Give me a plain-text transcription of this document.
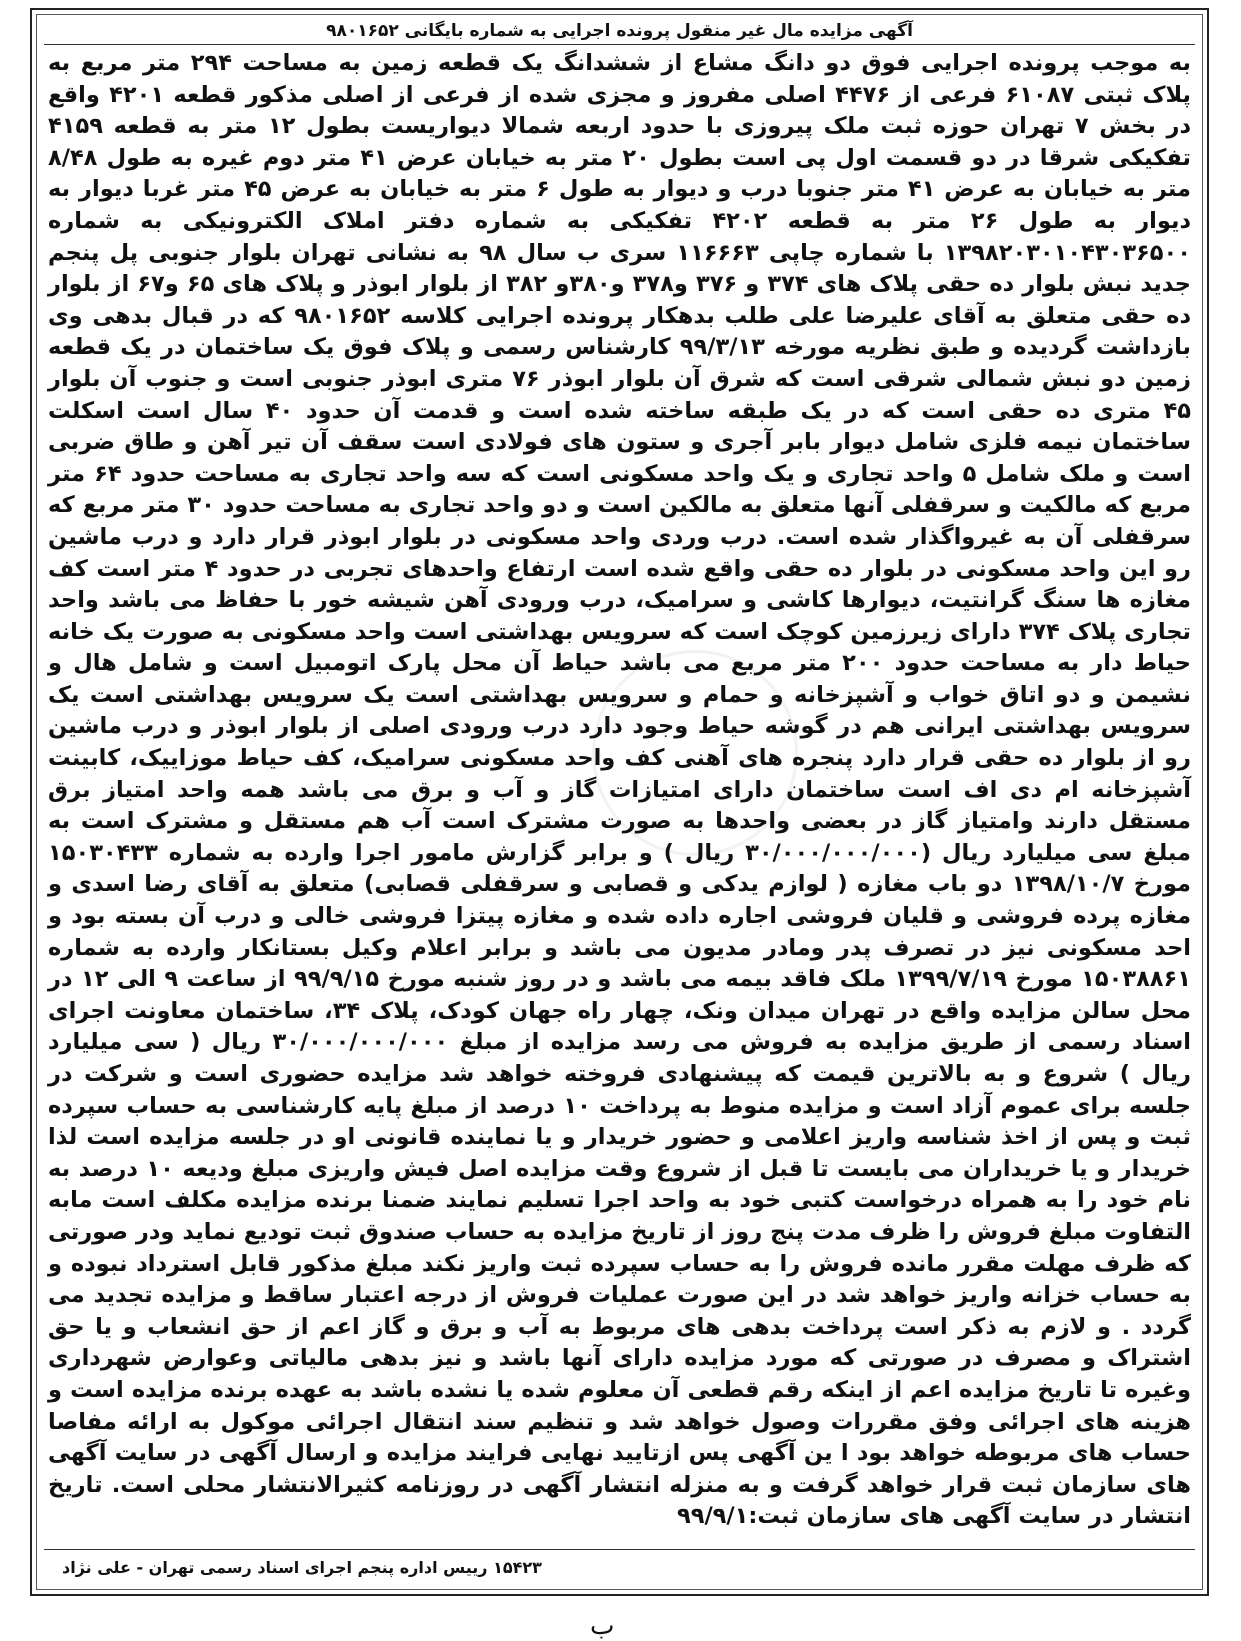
آگهی مزایده مال غیر منقول پرونده اجرایی به شماره بایگانی ۹۸۰۱۶۵۲
به موجب پرونده اجرایی فوق دو دانگ مشاع از ششدانگ یک قطعه زمین به مساحت ۲۹۴ متر مربع به پلاک ثبتی ۶۱۰۸۷ فرعی از ۴۴۷۶ اصلی مفروز و مجزی شده از فرعی از اصلی مذکور قطعه ۴۲۰۱ واقع در بخش ۷ تهران حوزه ثبت ملک پیروزی با حدود اربعه شمالا دیواریست بطول ۱۲ متر به قطعه ۴۱۵۹ تفکیکی شرقا در دو قسمت اول پی است بطول ۲۰ متر به خیابان عرض ۴۱ متر دوم غیره به طول ۸/۴۸ متر به خیابان به عرض ۴۱ متر جنوبا درب و دیوار به طول ۶ متر به خیابان به عرض ۴۵ متر غربا دیوار به دیوار به طول ۲۶ متر به قطعه ۴۲۰۲ تفکیکی به شماره دفتر املاک الکترونیکی به شماره ۱۳۹۸۲۰۳۰۱۰۴۳۰۳۶۵۰۰ با شماره چاپی ۱۱۶۶۶۳ سری ب سال ۹۸ به نشانی تهران بلوار جنوبی پل پنجم جدید نبش بلوار ده حقی پلاک های ۳۷۴ و ۳۷۶ و۳۷۸ و۳۸۰و ۳۸۲ از بلوار ابوذر و پلاک های ۶۵ و۶۷ از بلوار ده حقی متعلق به آقای علیرضا علی طلب بدهکار پرونده اجرایی کلاسه ۹۸۰۱۶۵۲ که در قبال بدهی وی بازداشت گردیده و طبق نظریه مورخه ۹۹/۳/۱۳ کارشناس رسمی و پلاک فوق یک ساختمان در یک قطعه زمین دو نبش شمالی شرقی است که شرق آن بلوار ابوذر ۷۶ متری ابوذر جنوبی است و جنوب آن بلوار ۴۵ متری ده حقی است که در یک طبقه ساخته شده است و قدمت آن حدود ۴۰ سال است اسکلت ساختمان نیمه فلزی شامل دیوار بابر آجری و ستون های فولادی است سقف آن تیر آهن و طاق ضربی است و ملک شامل ۵ واحد تجاری و یک واحد مسکونی است که سه واحد تجاری به مساحت حدود ۶۴ متر مربع که مالکیت و سرقفلی آنها متعلق به مالکین است و دو واحد تجاری به مساحت حدود ۳۰ متر مربع که سرقفلی آن به غیرواگذار شده است. درب وردی واحد مسکونی در بلوار ابوذر قرار دارد و درب ماشین رو این واحد مسکونی در بلوار ده حقی واقع شده است ارتفاع واحدهای تجربی در حدود ۴ متر است کف مغازه ها سنگ گرانتیت، دیوارها کاشی و سرامیک، درب ورودی آهن شیشه خور با حفاظ می باشد واحد تجاری پلاک ۳۷۴ دارای زیرزمین کوچک است که سرویس بهداشتی است واحد مسکونی به صورت یک خانه حیاط دار به مساحت حدود ۲۰۰ متر مربع می باشد حیاط آن محل پارک اتومبیل است و شامل هال و نشیمن و دو اتاق خواب و آشپزخانه و حمام و سرویس بهداشتی است یک سرویس بهداشتی است یک سرویس بهداشتی ایرانی هم در گوشه حیاط وجود دارد درب ورودی اصلی از بلوار ابوذر و درب ماشین رو از بلوار ده حقی قرار دارد پنجره های آهنی کف واحد مسکونی سرامیک، کف حیاط موزاییک، کابینت آشپزخانه ام دی اف است ساختمان دارای امتیازات گاز و آب و برق می باشد همه واحد امتیاز برق مستقل دارند وامتیاز گاز در بعضی واحدها به صورت مشترک است آب هم مستقل و مشترک است به مبلغ سی میلیارد ریال (۳۰/۰۰۰/۰۰۰/۰۰۰ ریال ) و برابر گزارش مامور اجرا وارده به شماره ۱۵۰۳۰۴۳۳ مورخ ۱۳۹۸/۱۰/۷ دو باب مغازه ( لوازم یدکی و قصابی و سرقفلی قصابی) متعلق به آقای رضا اسدی و مغازه پرده فروشی و قلیان فروشی اجاره داده شده و مغازه پیتزا فروشی خالی و درب آن بسته بود و احد مسکونی نیز در تصرف پدر ومادر مدیون می باشد و برابر اعلام وکیل بستانکار وارده به شماره ۱۵۰۳۸۸۶۱ مورخ ۱۳۹۹/۷/۱۹ ملک فاقد بیمه می باشد و در روز شنبه مورخ ۹۹/۹/۱۵ از ساعت ۹ الی ۱۲ در محل سالن مزایده واقع در تهران میدان ونک، چهار راه جهان کودک، پلاک ۳۴، ساختمان معاونت اجرای اسناد رسمی از طریق مزایده به فروش می رسد مزایده از مبلغ ۳۰/۰۰۰/۰۰۰/۰۰۰ ریال ( سی میلیارد ریال ) شروع و به بالاترین قیمت که پیشنهادی فروخته خواهد شد مزایده حضوری است و شرکت در جلسه برای عموم آزاد است و مزایده منوط به پرداخت ۱۰ درصد از مبلغ پایه کارشناسی به حساب سپرده ثبت و پس از اخذ شناسه واریز اعلامی و حضور خریدار و یا نماینده قانونی او در جلسه مزایده است لذا خریدار و یا خریداران می بایست تا قبل از شروع وقت مزایده اصل فیش واریزی مبلغ ودیعه ۱۰ درصد به نام خود را به همراه درخواست کتبی خود به واحد اجرا تسلیم نمایند ضمنا برنده مزایده مکلف است مابه التفاوت مبلغ فروش را ظرف مدت پنج روز از تاریخ مزایده به حساب صندوق ثبت تودیع نماید ودر صورتی که ظرف مهلت مقرر مانده فروش را به حساب سپرده ثبت واریز نکند مبلغ مذکور قابل استرداد نبوده و به حساب خزانه واریز خواهد شد در این صورت عملیات فروش از درجه اعتبار ساقط و مزایده تجدید می گردد . و لازم به ذکر است پرداخت بدهی های مربوط به آب و برق و گاز اعم از حق انشعاب و یا حق اشتراک و مصرف در صورتی که مورد مزایده دارای آنها باشد و نیز بدهی مالیاتی وعوارض شهرداری وغیره تا تاریخ مزایده اعم از اینکه رقم قطعی آن معلوم شده یا نشده باشد به عهده برنده مزایده است و هزینه های اجرائی وفق مقررات وصول خواهد شد و تنظیم سند انتقال اجرائی موکول به ارائه مفاصا حساب های مربوطه خواهد بود ا ین آگهی پس ازتایید نهایی فرایند مزایده و ارسال آگهی در سایت آگهی های سازمان ثبت قرار خواهد گرفت و به منزله انتشار آگهی در روزنامه کثیرالانتشار محلی است. تاریخ انتشار در سایت آگهی های سازمان ثبت:۹۹/۹/۱
۱۵۴۲۳ رییس اداره پنجم اجرای اسناد رسمی تهران - علی نژاد
ب
